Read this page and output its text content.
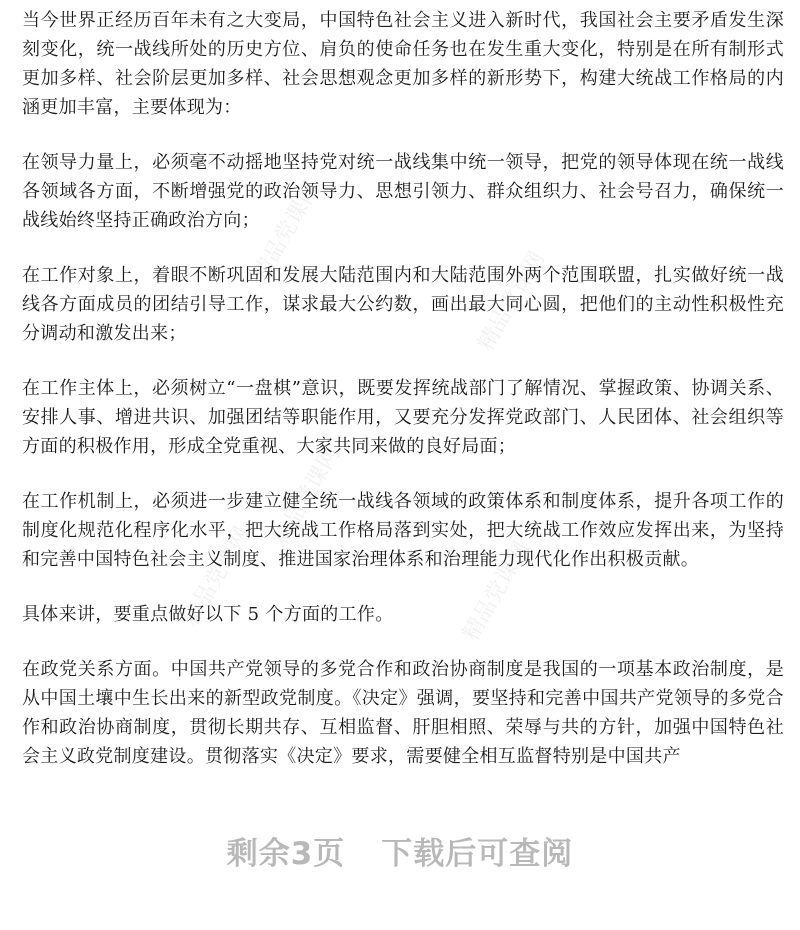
精品党课网
精品党课网
精品党课网	精品党课网
精品党课网

当今世界正经历百年未有之大变局，中国特色社会主义进入新时代，我国社会主要矛盾发生深刻变化，统一战线所处的历史方位、肩负的使命任务也在发生重大变化，特别是在所有制形式更加多样、社会阶层更加多样、社会思想观念更加多样的新形势下，构建大统战工作格局的内涵更加丰富，主要体现为：

在领导力量上，必须毫不动摇地坚持党对统一战线集中统一领导，把党的领导体现在统一战线各领域各方面，不断增强党的政治领导力、思想引领力、群众组织力、社会号召力，确保统一战线始终坚持正确政治方向；

在工作对象上，着眼不断巩固和发展大陆范围内和大陆范围外两个范围联盟，扎实做好统一战线各方面成员的团结引导工作，谋求最大公约数，画出最大同心圆，把他们的主动性积极性充分调动和激发出来；

在工作主体上，必须树立“一盘棋”意识，既要发挥统战部门了解情况、掌握政策、协调关系、安排人事、增进共识、加强团结等职能作用，又要充分发挥党政部门、人民团体、社会组织等方面的积极作用，形成全党重视、大家共同来做的良好局面；

在工作机制上，必须进一步建立健全统一战线各领域的政策体系和制度体系，提升各项工作的制度化规范化程序化水平，把大统战工作格局落到实处，把大统战工作效应发挥出来，为坚持和完善中国特色社会主义制度、推进国家治理体系和治理能力现代化作出积极贡献。

具体来讲，要重点做好以下 5 个方面的工作。

在政党关系方面。中国共产党领导的多党合作和政治协商制度是我国的一项基本政治制度，是从中国土壤中生长出来的新型政党制度。《决定》强调，要坚持和完善中国共产党领导的多党合作和政治协商制度，贯彻长期共存、互相监督、肝胆相照、荣辱与共的方针，加强中国特色社会主义政党制度建设。贯彻落实《决定》要求，需要健全相互监督特别是中国共产

剩余3页 下载后可查阅
